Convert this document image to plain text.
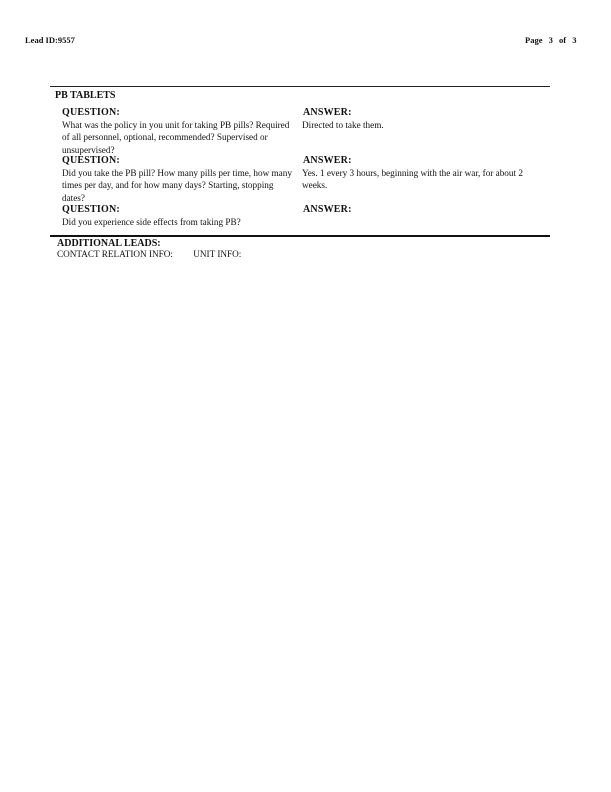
Lead ID:9557	Page 3 of 3
PB TABLETS
QUESTION:
What was the policy in you unit for taking PB pills? Required of all personnel, optional, recommended? Supervised or unsupervised?
ANSWER:
Directed to take them.
QUESTION:
Did you take the PB pill? How many pills per time, how many times per day, and for how many days? Starting, stopping dates?
ANSWER:
Yes. 1 every 3 hours, beginning with the air war, for about 2 weeks.
QUESTION:
Did you experience side effects from taking PB?
ANSWER:
ADDITIONAL LEADS:
CONTACT RELATION INFO: UNIT INFO:
